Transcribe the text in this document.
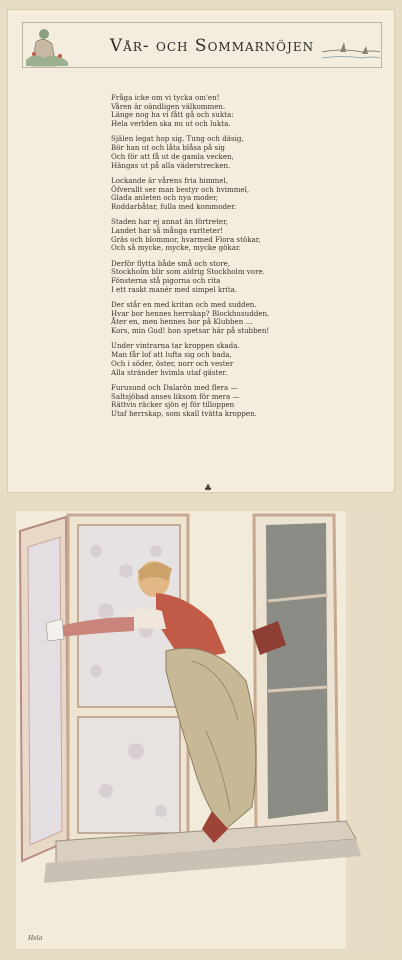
Vår- och Sommarnöjen
Fråga icke om vi tycka om'en!
Våren är oändligen välkommen.
Länge nog ha vi fått gå och sukta:
Hela verlden ska nu ut och lukta.
Själen legat hop sig. Tung och däsig,
Bör han ut och låta blåsa på sig
Och för att få ut de gamla vecken,
Hängas ut på alla väderstrecken.
Lockande är vårens fria himmel,
Öfverallt ser man bestyr och hvimmel,
Glada anleten och nya moder,
Roddarbåtar, fulla med kommoder.
Staden har ej annat än förtreter,
Landet har så många rariteter!
Gräs och blommor, hvarmed Flora stökar,
Och så mycke, mycke, mycke gökar.
Derför flytta både små och store,
Stockholm blir som aldrig Stockholm vore.
Fönsterna stå pigorna och rita
I ett raskt manér med simpel krita.
Der står en med kritan och med sudden.
Hvar bor hennes herrskap? Blockhusudden.
Åter en, men hennes bor på Klubben …
Kors, min Gud! hon spetsar här på stubben!
Under vintrarna tar kroppen skada.
Man får lof att lufta sig och bada,
Och i söder, öster, norr och vester
Alla stränder hvimla utaf gäster.
Furusund och Dalarön med flera —
Saltsjöbad anses liksom för mera —
Rättvis räcker sjön ej för tilloppen
Utaf herrskap, som skall tvätta kroppen.
♣
Hela
